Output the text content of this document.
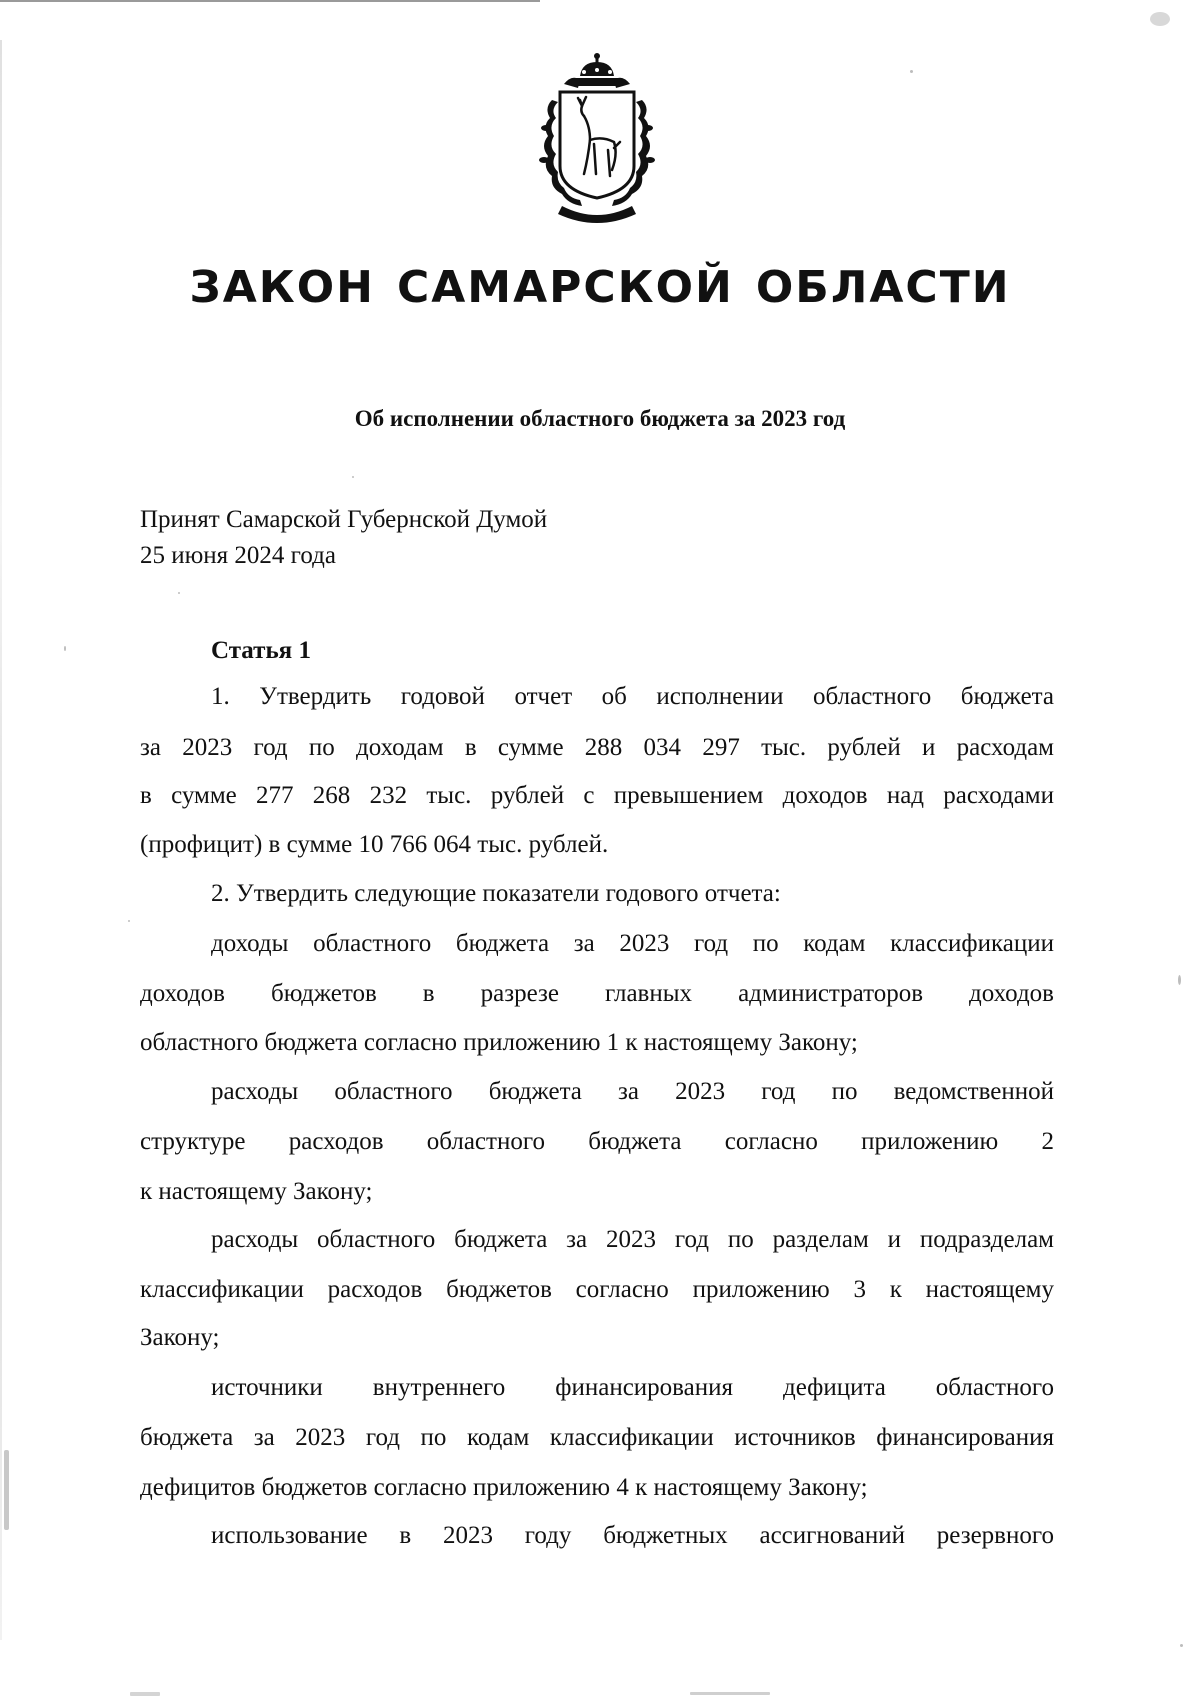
ЗАКОН САМАРСКОЙ ОБЛАСТИ
Об исполнении областного бюджета за 2023 год
Принят Самарской Губернской Думой
25 июня 2024 года
Статья 1
1. Утвердить годовой отчет об исполнении областного бюджета
за 2023 год по доходам в сумме 288 034 297 тыс. рублей и расходам
в сумме 277 268 232 тыс. рублей с превышением доходов над расходами
(профицит) в сумме 10 766 064 тыс. рублей.
2. Утвердить следующие показатели годового отчета:
доходы областного бюджета за 2023 год по кодам классификации
доходов бюджетов в разрезе главных администраторов доходов
областного бюджета согласно приложению 1 к настоящему Закону;
расходы областного бюджета за 2023 год по ведомственной
структуре расходов областного бюджета согласно приложению 2
к настоящему Закону;
расходы областного бюджета за 2023 год по разделам и подразделам
классификации расходов бюджетов согласно приложению 3 к настоящему
Закону;
источники внутреннего финансирования дефицита областного
бюджета за 2023 год по кодам классификации источников финансирования
дефицитов бюджетов согласно приложению 4 к настоящему Закону;
использование в 2023 году бюджетных ассигнований резервного
